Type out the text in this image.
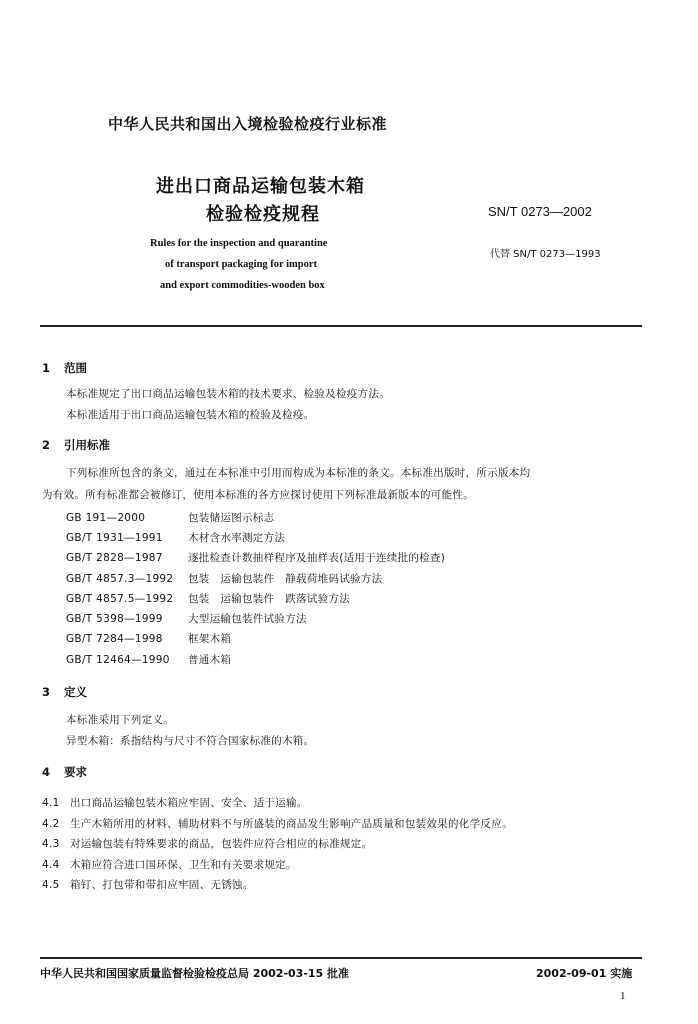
中华人民共和国出入境检验检疫行业标准
进出口商品运输包装木箱
检验检疫规程	SN/T 0273—2002
Rules for the inspection and quarantine
of transport packaging for import
and export commodities-wooden box
代替 SN/T 0273—1993
1 范围
本标准规定了出口商品运输包装木箱的技术要求、检验及检疫方法。
本标准适用于出口商品运输包装木箱的检验及检疫。
2 引用标准
下列标准所包含的条文，通过在本标准中引用而构成为本标准的条文。本标准出版时，所示版本均
为有效。所有标准都会被修订，使用本标准的各方应探讨使用下列标准最新版本的可能性。
GB 191—2000	包装储运图示标志
GB/T 1931—1991 木材含水率测定方法
GB/T 2828—1987 逐批检查计数抽样程序及抽样表(适用于连续批的检查)
GB/T 4857.3—1992 包装　运输包装件　静载荷堆码试验方法
GB/T 4857.5—1992 包装　运输包装件　跌落试验方法
GB/T 5398—1999 大型运输包装件试验方法
GB/T 7284—1998 框架木箱
GB/T 12464—1990 普通木箱
3 定义
本标准采用下列定义。
异型木箱：系指结构与尺寸不符合国家标准的木箱。
4 要求
4.1 出口商品运输包装木箱应牢固、安全、适于运输。
4.2 生产木箱所用的材料、辅助材料不与所盛装的商品发生影响产品质量和包装效果的化学反应。
4.3 对运输包装有特殊要求的商品，包装件应符合相应的标准规定。
4.4 木箱应符合进口国环保、卫生和有关要求规定。
4.5 箱钉、打包带和带扣应牢固、无锈蚀。
中华人民共和国国家质量监督检验检疫总局 2002-03-15 批准	2002-09-01 实施
1
